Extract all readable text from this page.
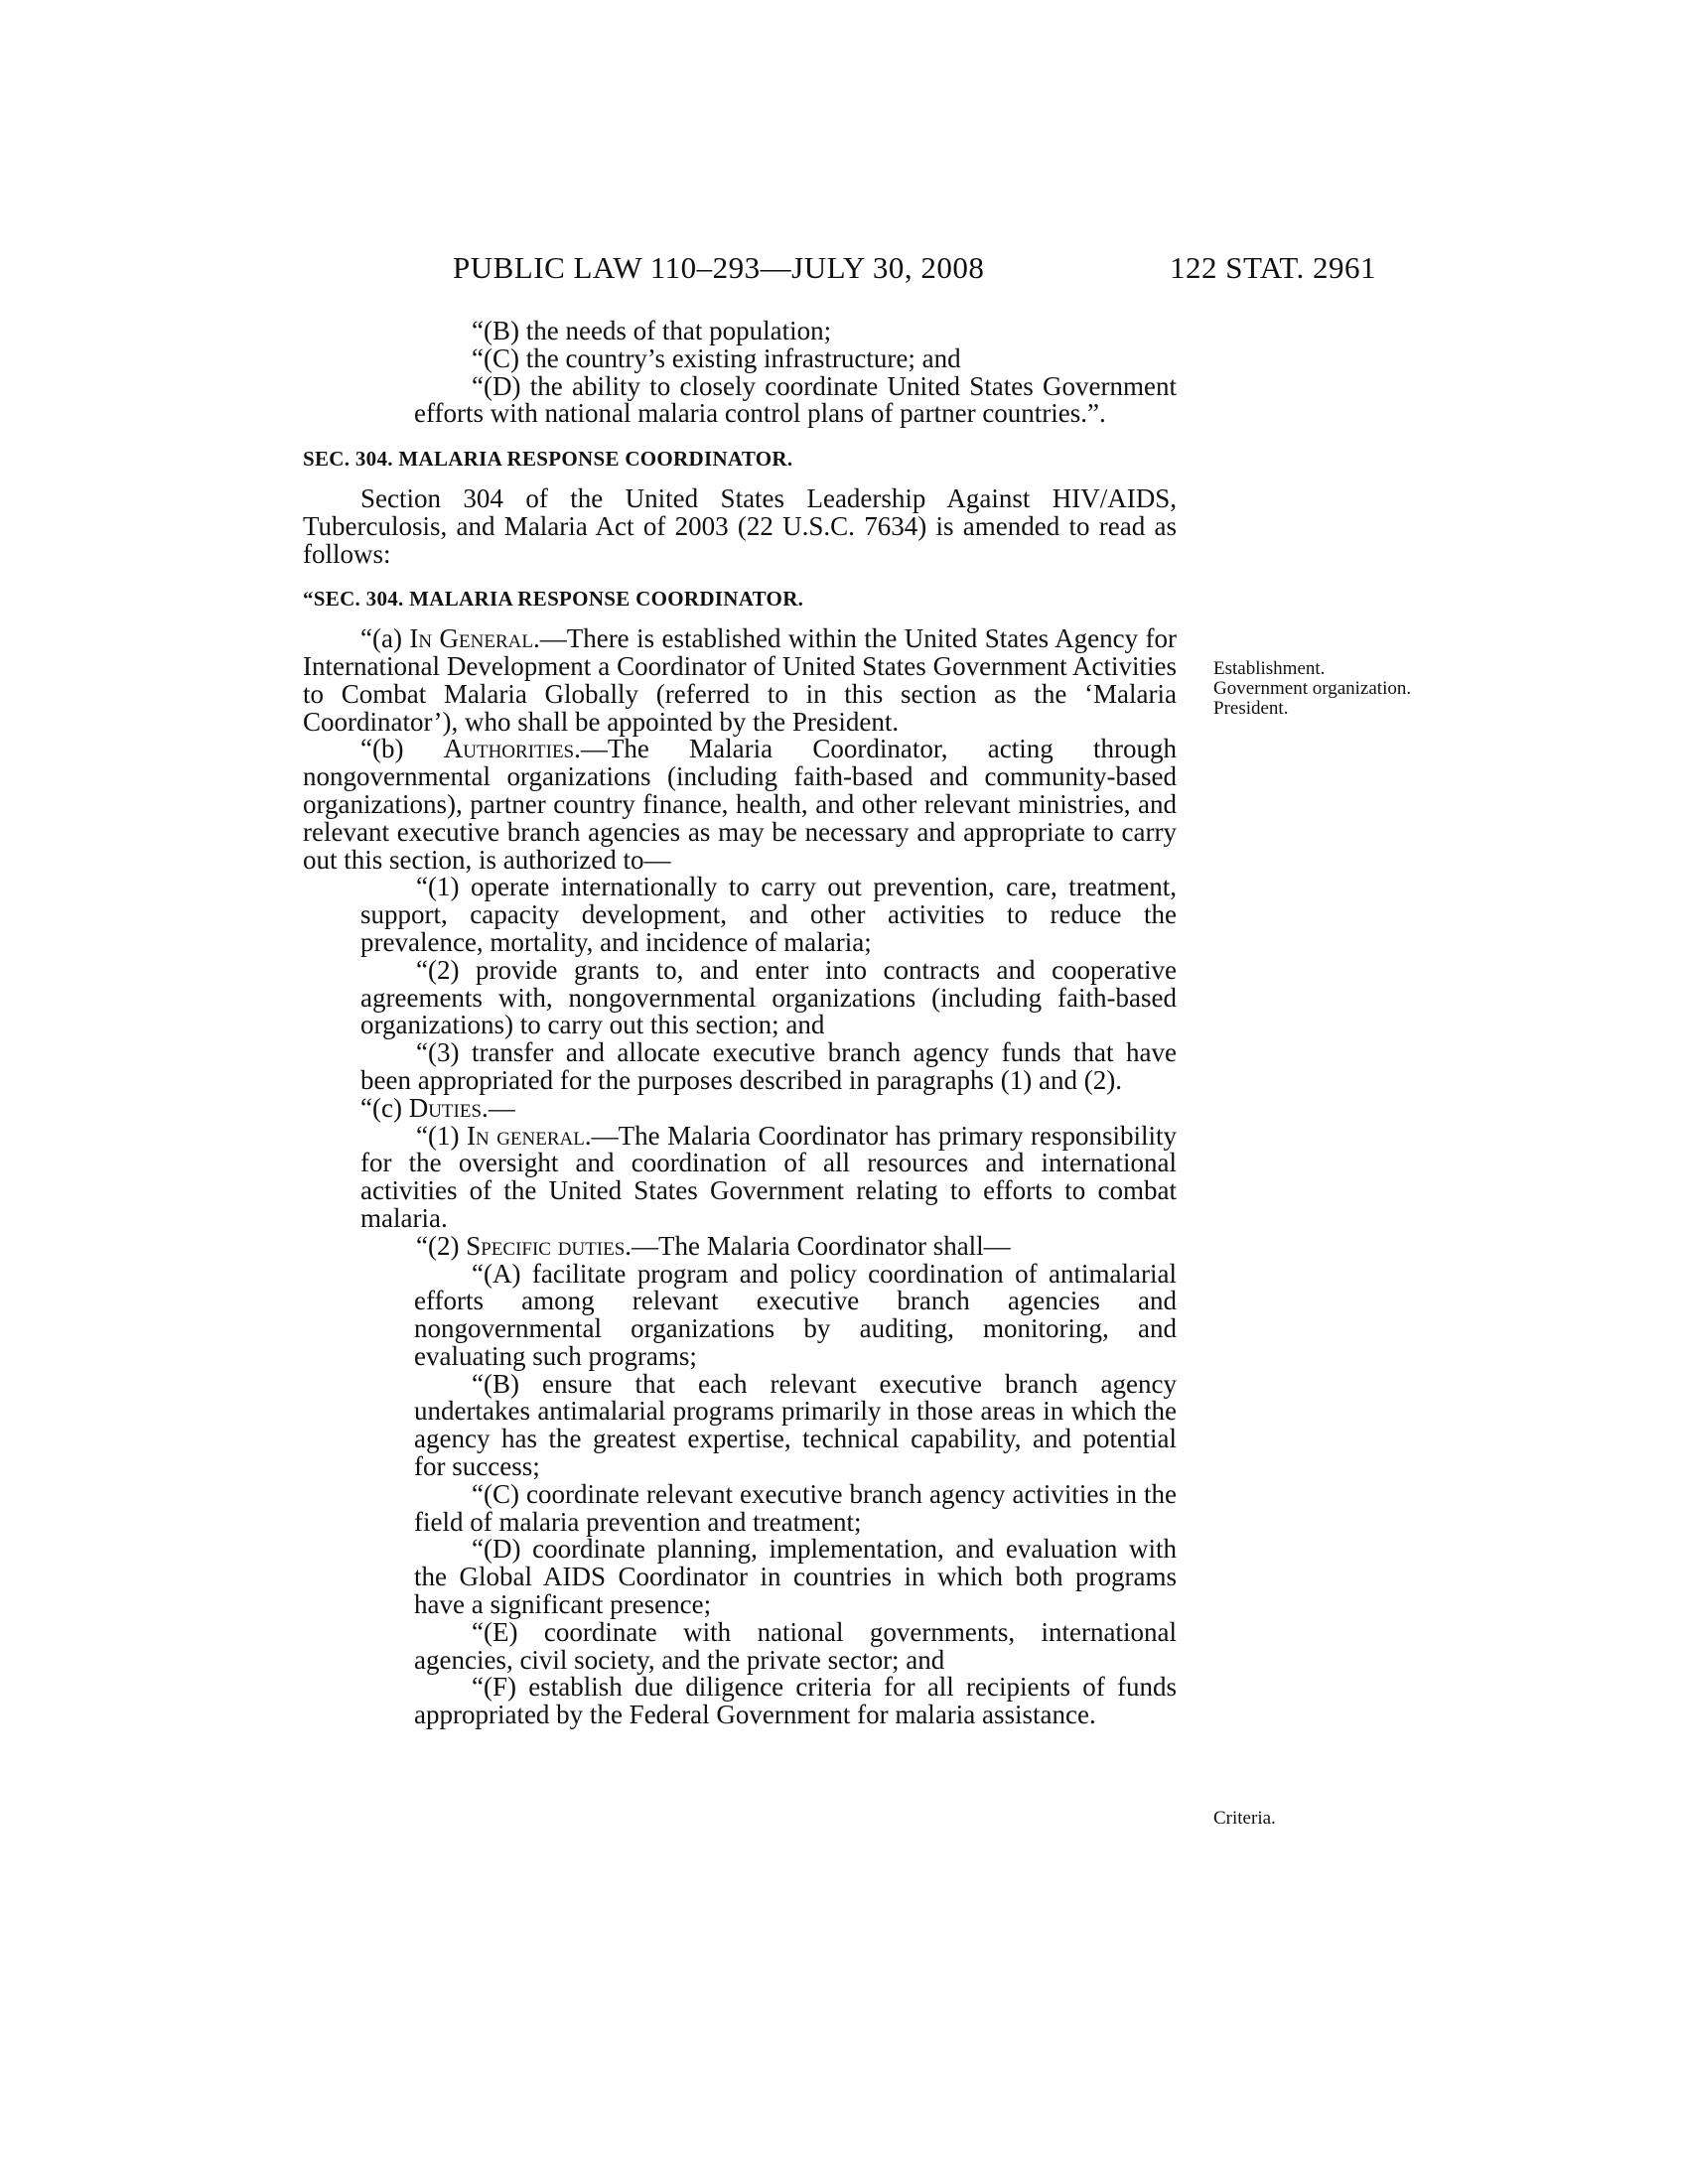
PUBLIC LAW 110–293—JULY 30, 2008	122 STAT. 2961

“(B) the needs of that population;

“(C) the country’s existing infrastructure; and

“(D) the ability to closely coordinate United States Government efforts with national malaria control plans of partner countries.”.

SEC. 304. MALARIA RESPONSE COORDINATOR.

Section 304 of the United States Leadership Against HIV/AIDS, Tuberculosis, and Malaria Act of 2003 (22 U.S.C. 7634) is amended to read as follows:

“SEC. 304. MALARIA RESPONSE COORDINATOR.

“(a) In General.—There is established within the United States Agency for International Development a Coordinator of United States Government Activities to Combat Malaria Globally (referred to in this section as the ‘Malaria Coordinator’), who shall be appointed by the President.

“(b) Authorities.—The Malaria Coordinator, acting through nongovernmental organizations (including faith-based and community-based organizations), partner country finance, health, and other relevant ministries, and relevant executive branch agencies as may be necessary and appropriate to carry out this section, is authorized to—

“(1) operate internationally to carry out prevention, care, treatment, support, capacity development, and other activities to reduce the prevalence, mortality, and incidence of malaria;

“(2) provide grants to, and enter into contracts and cooperative agreements with, nongovernmental organizations (including faith-based organizations) to carry out this section; and

“(3) transfer and allocate executive branch agency funds that have been appropriated for the purposes described in paragraphs (1) and (2).

“(c) Duties.—

“(1) In general.—The Malaria Coordinator has primary responsibility for the oversight and coordination of all resources and international activities of the United States Government relating to efforts to combat malaria.

“(2) Specific duties.—The Malaria Coordinator shall—

“(A) facilitate program and policy coordination of antimalarial efforts among relevant executive branch agencies and nongovernmental organizations by auditing, monitoring, and evaluating such programs;

“(B) ensure that each relevant executive branch agency undertakes antimalarial programs primarily in those areas in which the agency has the greatest expertise, technical capability, and potential for success;

“(C) coordinate relevant executive branch agency activities in the field of malaria prevention and treatment;

“(D) coordinate planning, implementation, and evaluation with the Global AIDS Coordinator in countries in which both programs have a significant presence;

“(E) coordinate with national governments, international agencies, civil society, and the private sector; and

“(F) establish due diligence criteria for all recipients of funds appropriated by the Federal Government for malaria assistance.

Establishment.
Government organization.
President.
Criteria.
